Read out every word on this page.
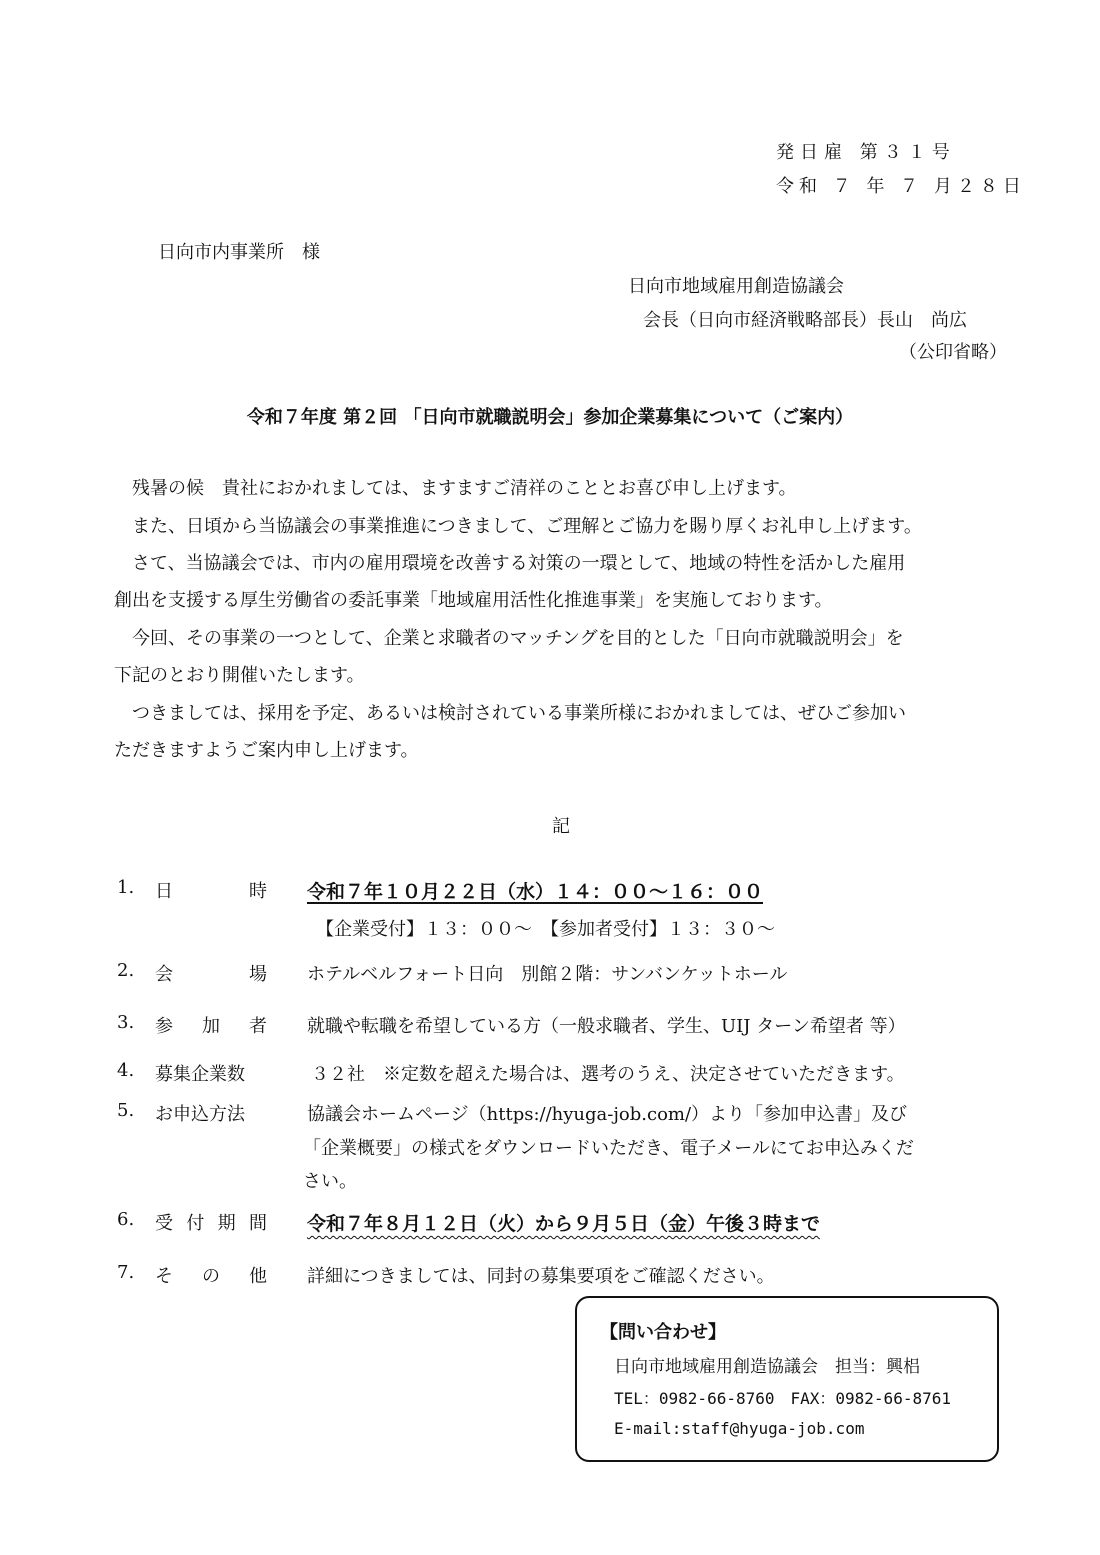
発日雇 第３１号
令和 ７ 年 ７ 月２８日
日向市内事業所　様
日向市地域雇用創造協議会
会長（日向市経済戦略部長）長山　尚広
（公印省略）
令和７年度 第２回 「日向市就職説明会」参加企業募集について（ご案内）
　残暑の候　貴社におかれましては、ますますご清祥のこととお喜び申し上げます。
　また、日頃から当協議会の事業推進につきまして、ご理解とご協力を賜り厚くお礼申し上げます。
　さて、当協議会では、市内の雇用環境を改善する対策の一環として、地域の特性を活かした雇用
創出を支援する厚生労働省の委託事業「地域雇用活性化推進事業」を実施しております。
　今回、その事業の一つとして、企業と求職者のマッチングを目的とした「日向市就職説明会」を
下記のとおり開催いたします。
　つきましては、採用を予定、あるいは検討されている事業所様におかれましては、ぜひご参加い
ただきますようご案内申し上げます。
記
1. 日	時 令和７年１０月２２日（水）１４：００～１６：００
【企業受付】１３：００～　【参加者受付】１３：３０～
2. 会	場 ホテルベルフォート日向　別館２階：サンバンケットホール
3. 参 加 者 就職や転職を希望している方（一般求職者、学生、UIJ ターン希望者 等）
4. 募集企業数	３２社　※定数を超えた場合は、選考のうえ、決定させていただきます。
5. お申込方法	協議会ホームページ（https://hyuga-job.com/）より「参加申込書」及び
「企業概要」の様式をダウンロードいただき、電子メールにてお申込みくだ
さい。
6. 受 付 期 間 令和７年８月１２日（火）から９月５日（金）午後３時まで
7. そ の 他 詳細につきましては、同封の募集要項をご確認ください。
【問い合わせ】
日向市地域雇用創造協議会　担当：興梠
TEL：0982-66-8760　FAX：0982-66-8761
E-mail:staff@hyuga-job.com
